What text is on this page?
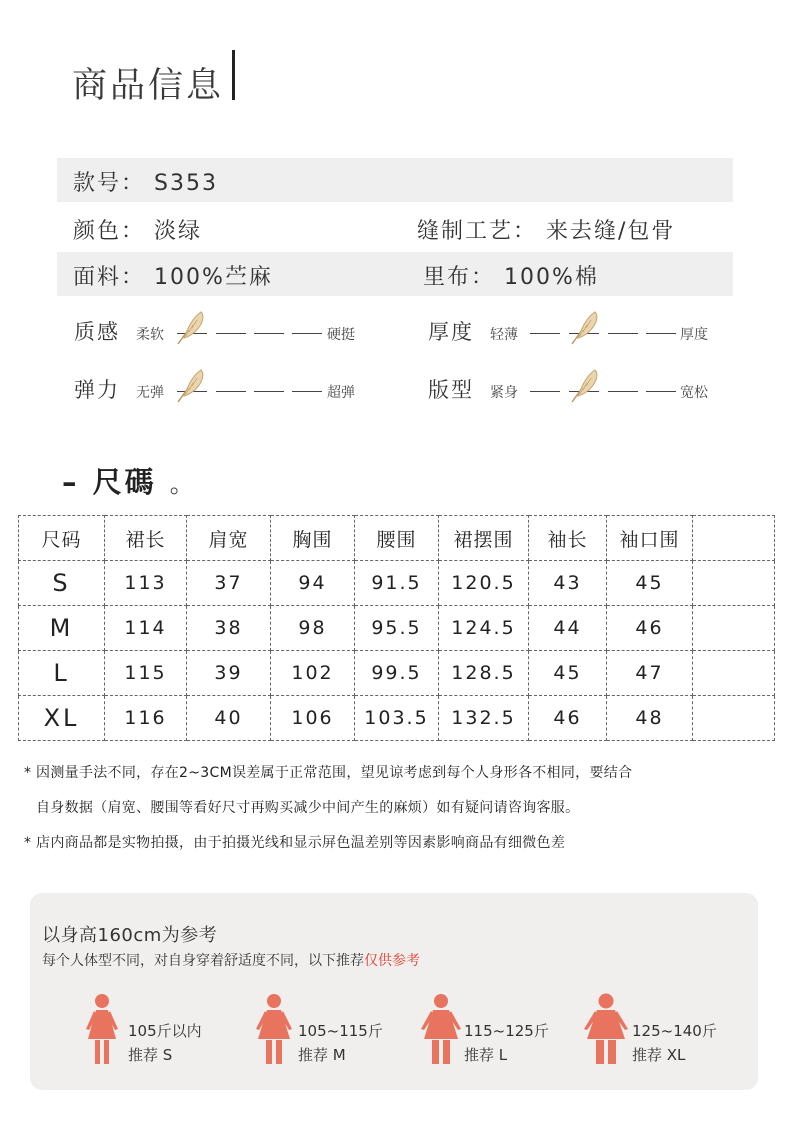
商品信息
款号： S353
颜色： 淡绿	缝制工艺： 来去缝/包骨
面料： 100%苎麻	里布： 100%棉
质感 柔软	硬挺	厚度 轻薄	厚度
弹力 无弹	超弹	版型 紧身	宽松
– 尺碼 。
尺码	裙长	肩宽	胸围	腰围	裙摆围	袖长	袖口围	
S	113	37	94	91.5	120.5	43	45	
M	114	38	98	95.5	124.5	44	46	
L	115	39	102	99.5	128.5	45	47	
XL	116	40	106	103.5	132.5	46	48	
* 因测量手法不同，存在2~3CM误差属于正常范围，望见谅考虑到每个人身形各不相同，要结合
自身数据（肩宽、腰围等看好尺寸再购买减少中间产生的麻烦）如有疑问请咨询客服。
* 店内商品都是实物拍摄，由于拍摄光线和显示屏色温差别等因素影响商品有细微色差
以身高160cm为参考
每个人体型不同，对自身穿着舒适度不同，以下推荐仅供参考
105斤以内
推荐 S
105~115斤
推荐 M
115~125斤
推荐 L
125~140斤
推荐 XL
